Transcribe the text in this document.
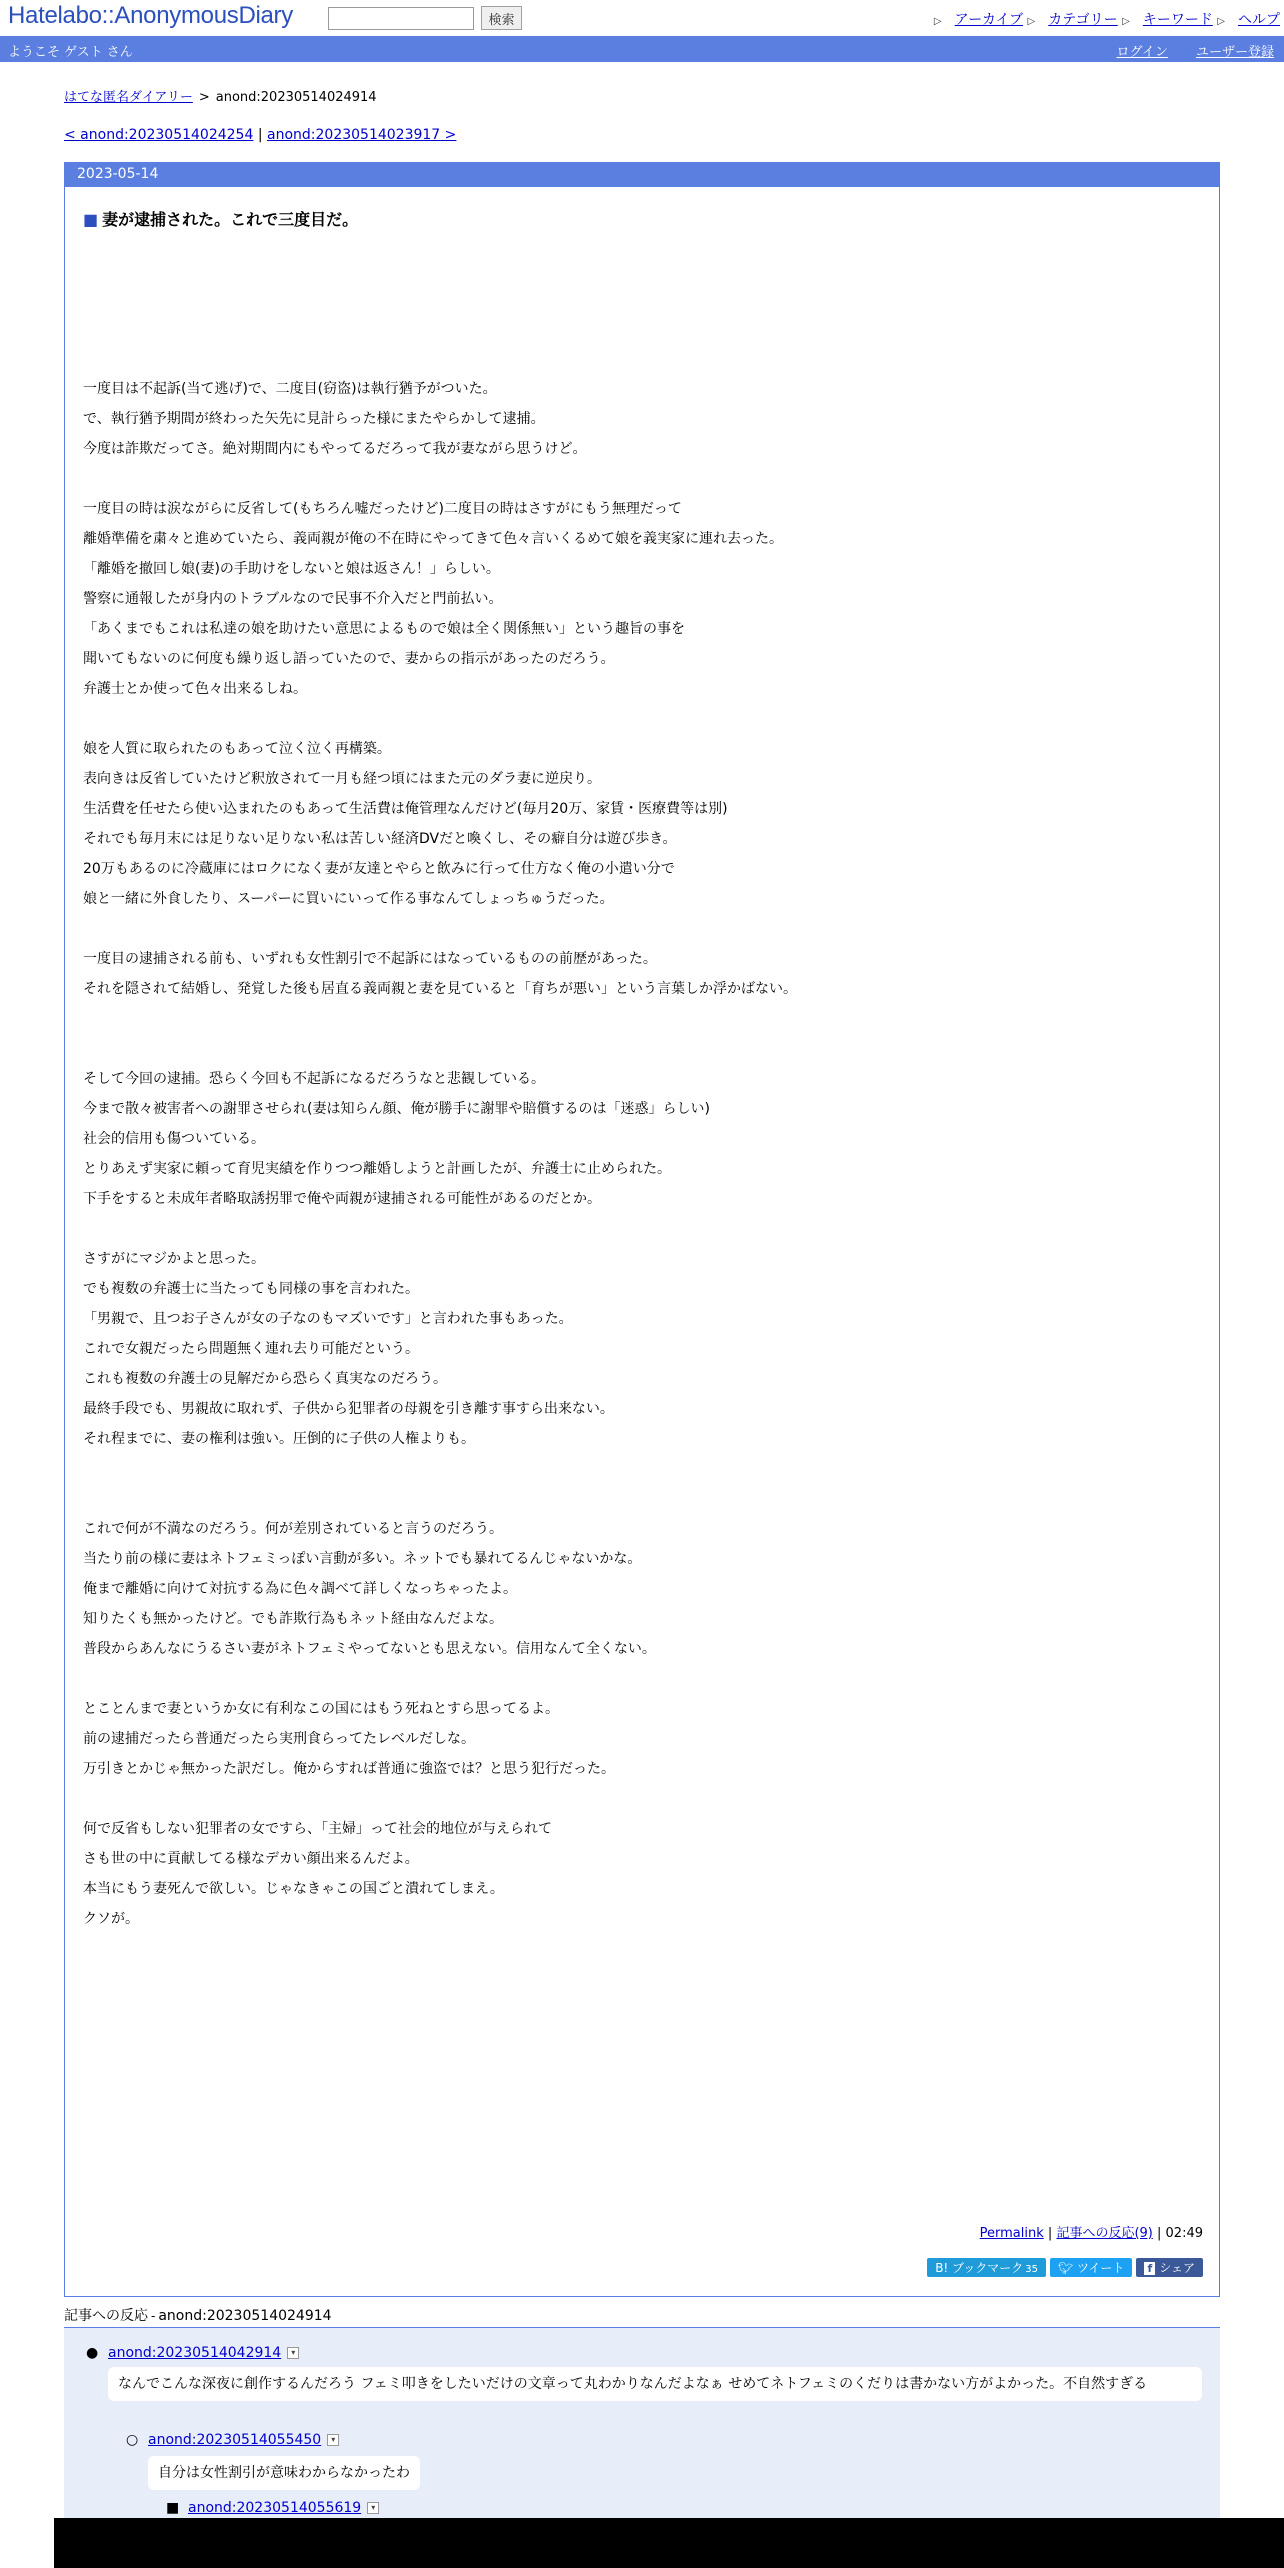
Hatelabo::AnonymousDiary	検索	▷ アーカイブ ▷ カテゴリー ▷ キーワード ▷ ヘルプ
ようこそ ゲスト さん	ログイン ユーザー登録
はてな匿名ダイアリー > anond:20230514024914
< anond:20230514024254 | anond:20230514023917 >
2023-05-14
■ 妻が逮捕された。これで三度目だ。

一度目は不起訴(当て逃げ)で、二度目(窃盗)は執行猶予がついた。

で、執行猶予期間が終わった矢先に見計らった様にまたやらかして逮捕。

今度は詐欺だってさ。絶対期間内にもやってるだろって我が妻ながら思うけど。

一度目の時は涙ながらに反省して(もちろん嘘だったけど)二度目の時はさすがにもう無理だって

離婚準備を粛々と進めていたら、義両親が俺の不在時にやってきて色々言いくるめて娘を義実家に連れ去った。

「離婚を撤回し娘(妻)の手助けをしないと娘は返さん！」らしい。

警察に通報したが身内のトラブルなので民事不介入だと門前払い。

「あくまでもこれは私達の娘を助けたい意思によるもので娘は全く関係無い」という趣旨の事を

聞いてもないのに何度も繰り返し語っていたので、妻からの指示があったのだろう。

弁護士とか使って色々出来るしね。

娘を人質に取られたのもあって泣く泣く再構築。

表向きは反省していたけど釈放されて一月も経つ頃にはまた元のダラ妻に逆戻り。

生活費を任せたら使い込まれたのもあって生活費は俺管理なんだけど(毎月20万、家賃・医療費等は別)

それでも毎月末には足りない足りない私は苦しい経済DVだと喚くし、その癖自分は遊び歩き。

20万もあるのに冷蔵庫にはロクになく妻が友達とやらと飲みに行って仕方なく俺の小遣い分で

娘と一緒に外食したり、スーパーに買いにいって作る事なんてしょっちゅうだった。

一度目の逮捕される前も、いずれも女性割引で不起訴にはなっているものの前歴があった。

それを隠されて結婚し、発覚した後も居直る義両親と妻を見ていると「育ちが悪い」という言葉しか浮かばない。

そして今回の逮捕。恐らく今回も不起訴になるだろうなと悲観している。

今まで散々被害者への謝罪させられ(妻は知らん顔、俺が勝手に謝罪や賠償するのは「迷惑」らしい)

社会的信用も傷ついている。

とりあえず実家に頼って育児実績を作りつつ離婚しようと計画したが、弁護士に止められた。

下手をすると未成年者略取誘拐罪で俺や両親が逮捕される可能性があるのだとか。

さすがにマジかよと思った。

でも複数の弁護士に当たっても同様の事を言われた。

「男親で、且つお子さんが女の子なのもマズいです」と言われた事もあった。

これで女親だったら問題無く連れ去り可能だという。

これも複数の弁護士の見解だから恐らく真実なのだろう。

最終手段でも、男親故に取れず、子供から犯罪者の母親を引き離す事すら出来ない。

それ程までに、妻の権利は強い。圧倒的に子供の人権よりも。

これで何が不満なのだろう。何が差別されていると言うのだろう。

当たり前の様に妻はネトフェミっぽい言動が多い。ネットでも暴れてるんじゃないかな。

俺まで離婚に向けて対抗する為に色々調べて詳しくなっちゃったよ。

知りたくも無かったけど。でも詐欺行為もネット経由なんだよな。

普段からあんなにうるさい妻がネトフェミやってないとも思えない。信用なんて全くない。

とことんまで妻というか女に有利なこの国にはもう死ねとすら思ってるよ。

前の逮捕だったら普通だったら実刑食らってたレベルだしな。

万引きとかじゃ無かった訳だし。俺からすれば普通に強盗では？と思う犯行だった。

何で反省もしない犯罪者の女ですら、「主婦」って社会的地位が与えられて

さも世の中に貢献してる様なデカい顔出来るんだよ。

本当にもう妻死んで欲しい。じゃなきゃこの国ごと潰れてしまえ。

クソが。

Permalink | 記事への反応(9) | 02:49
B! ブックマーク 35 🐦︎ ツイート f シェア
記事への反応 - anond:20230514024914
● anond:20230514042914 ▾
なんでこんな深夜に創作するんだろう フェミ叩きをしたいだけの文章って丸わかりなんだよなぁ せめてネトフェミのくだりは書かない方がよかった。不自然すぎる
○ anond:20230514055450 ▾
自分は女性割引が意味わからなかったわ
■ anond:20230514055619 ▾
